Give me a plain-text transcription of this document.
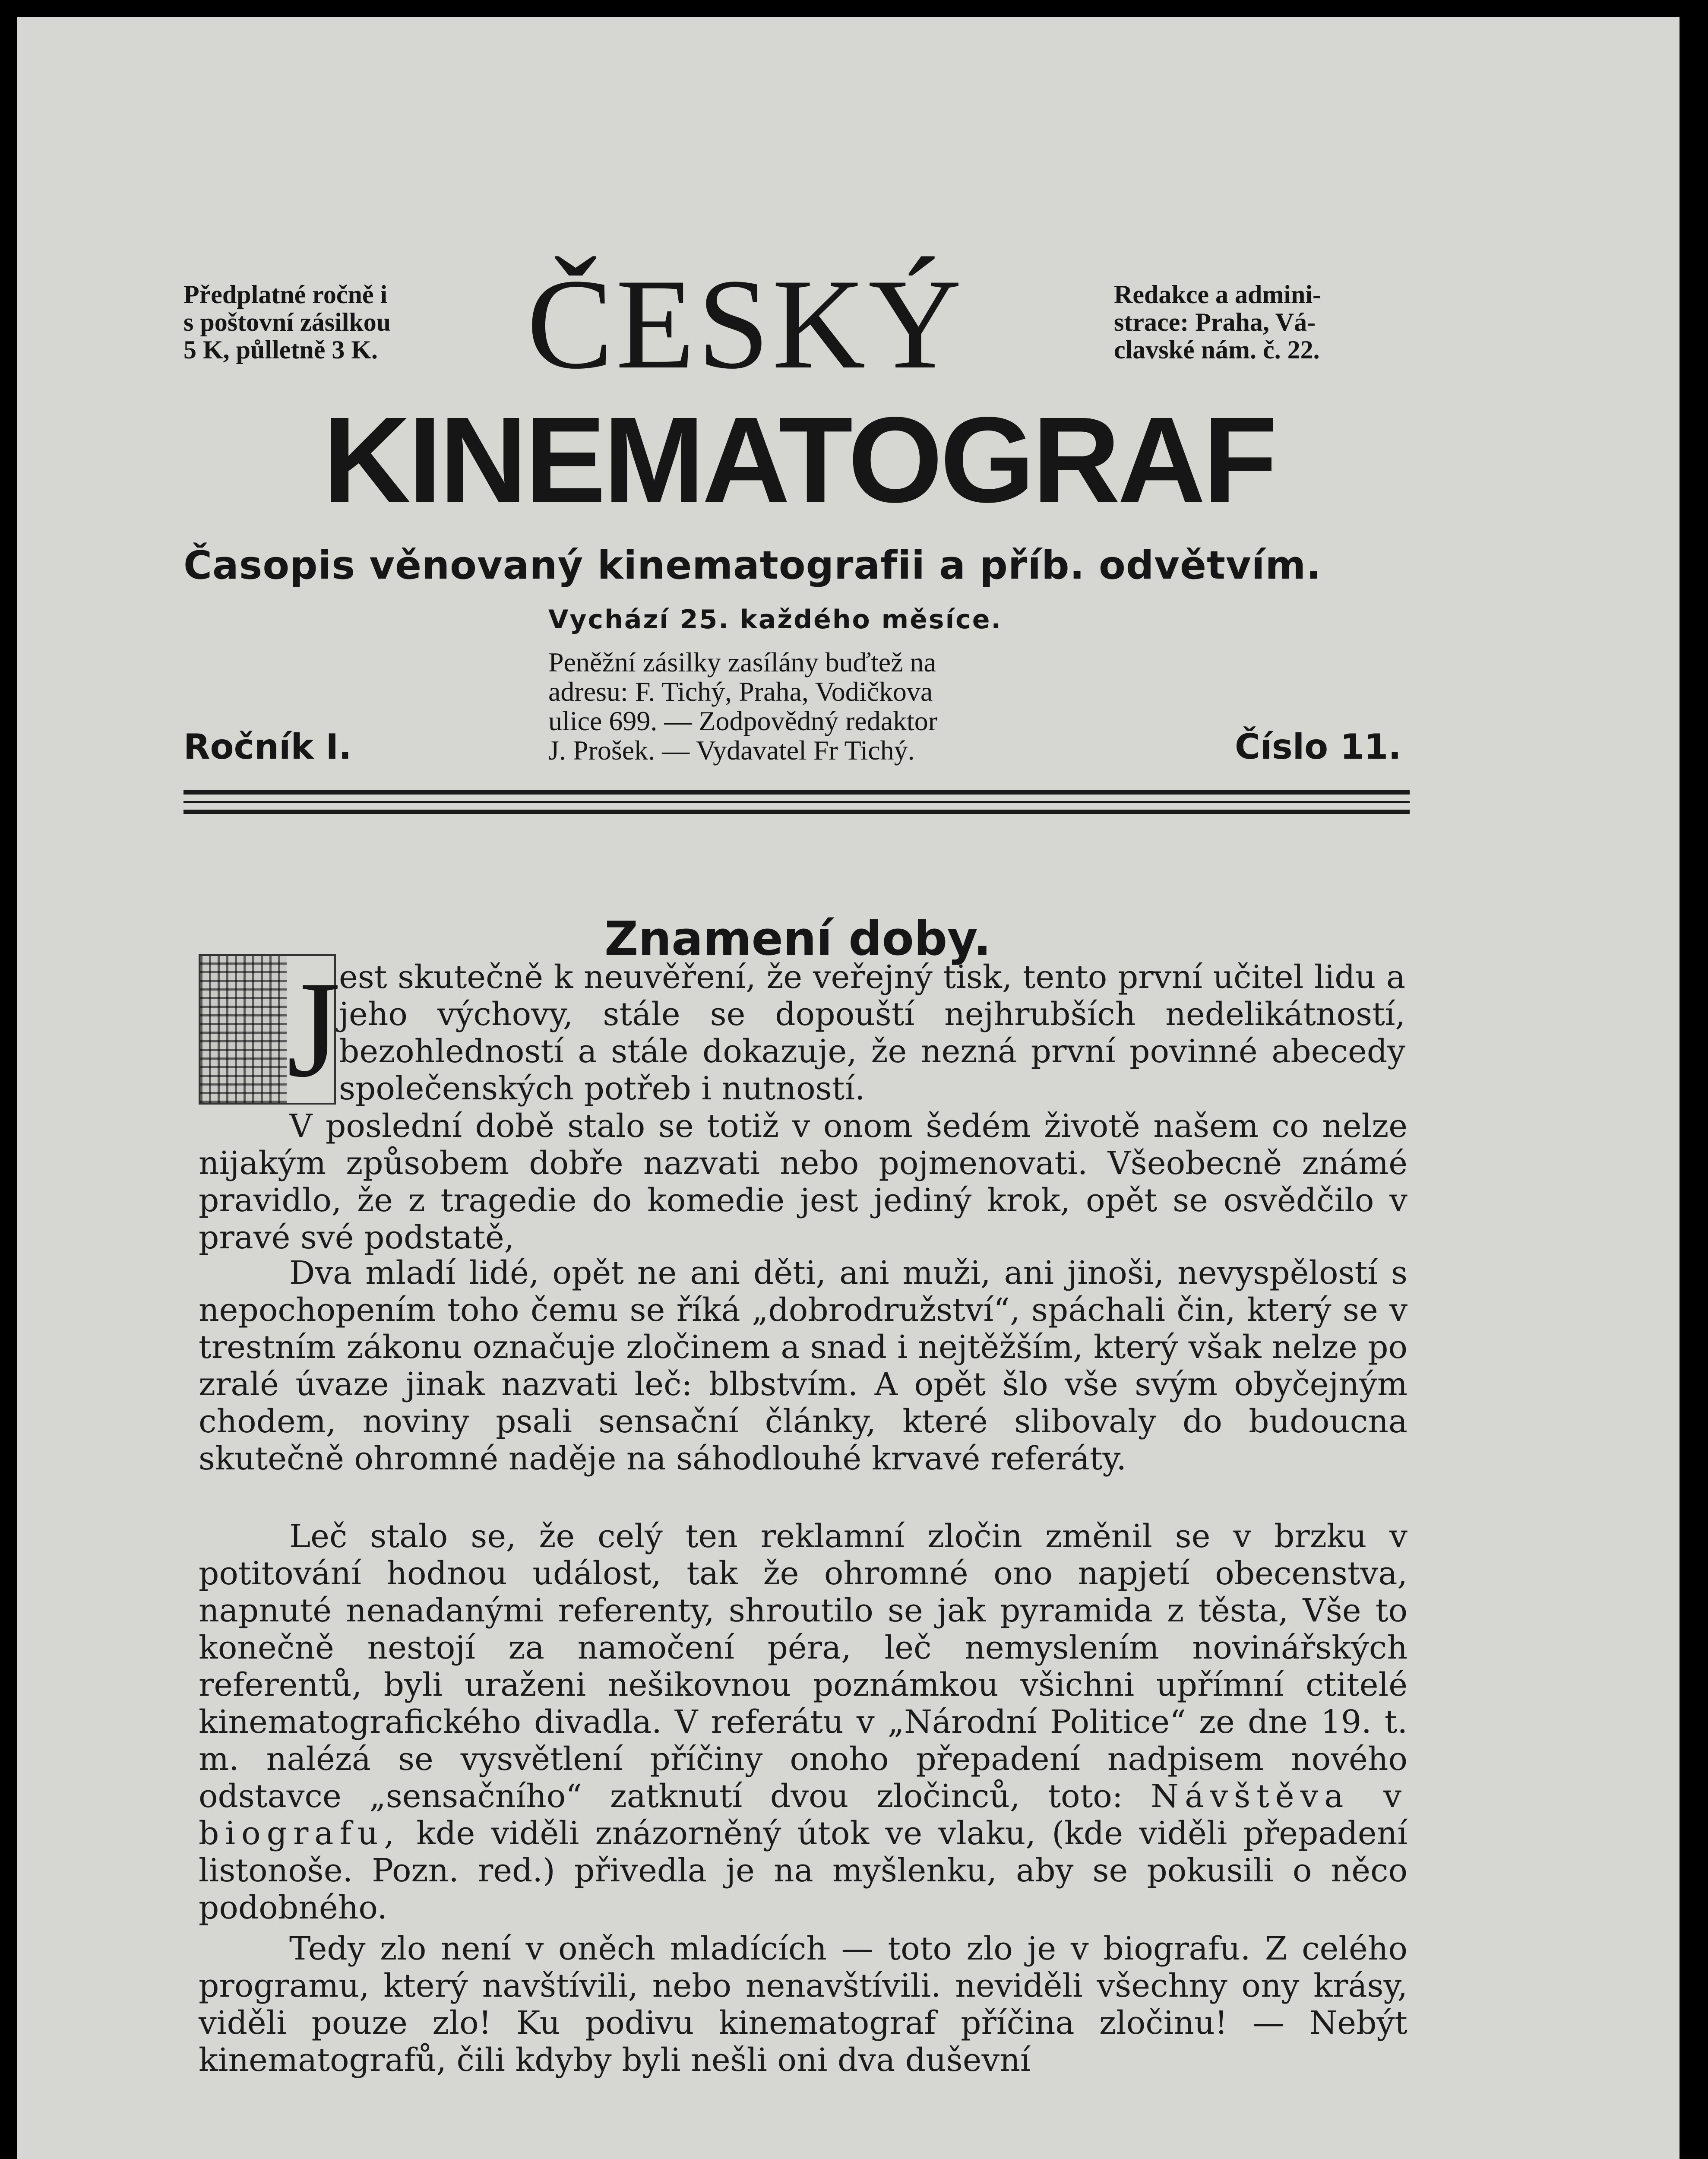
Předplatné ročně i
s poštovní zásilkou
5 K, půlletně 3 K.	ČESKÝ	Redakce a admini-
strace: Praha, Vá-
clavské nám. č. 22.
KINEMATOGRAF
Časopis věnovaný kinematografii a příb. odvětvím.
Vychází 25. každého měsíce.
Peněžní zásilky zasílány buďtež na
adresu: F. Tichý, Praha, Vodičkova
ulice 699. — Zodpovědný redaktor
J. Prošek. — Vydavatel Fr Tichý.
Ročník I.	Číslo 11.
Znamení doby.
J

est skutečně k neuvěření, že veřejný tisk, tento první učitel lidu a jeho výchovy, stále se dopouští nejhrubších nedelikátností, bezohledností a stále dokazuje, že nezná první povinné abecedy společenských potřeb i nutností.

V poslední době stalo se totiž v onom šedém životě našem co nelze nijakým způsobem dobře nazvati nebo pojmenovati. Všeobecně známé pravidlo, že z tragedie do komedie jest jediný krok, opět se osvědčilo v pravé své podstatě,

Dva mladí lidé, opět ne ani děti, ani muži, ani jinoši, nevyspělostí s nepochopením toho čemu se říká „dobrodružství“, spáchali čin, který se v trestním zákonu označuje zločinem a snad i nejtěžším, který však nelze po zralé úvaze jinak nazvati leč: blbstvím. A opět šlo vše svým obyčejným chodem, noviny psali sensační články, které slibovaly do budoucna skutečně ohromné naděje na sáhodlouhé krvavé referáty.

Leč stalo se, že celý ten reklamní zločin změnil se v brzku v potitování hodnou událost, tak že ohromné ono napjetí obecenstva, napnuté nenadanými referenty, shroutilo se jak pyramida z těsta, Vše to konečně nestojí za namočení péra, leč nemyslením novinářských referentů, byli uraženi nešikovnou poznámkou všichni upřímní ctitelé kinematografického divadla. V referátu v „Národní Politice“ ze dne 19. t. m. nalézá se vysvětlení příčiny onoho přepadení nadpisem nového odstavce „sensačního“ zatknutí dvou zločinců, toto: Návštěva v biografu, kde viděli znázorněný útok ve vlaku, (kde viděli přepadení listonoše. Pozn. red.) přivedla je na myšlenku, aby se pokusili o něco podobného.

Tedy zlo není v oněch mladících — toto zlo je v biografu. Z celého programu, který navštívili, nebo nenavštívili. neviděli všechny ony krásy, viděli pouze zlo! Ku podivu kinematograf příčina zločinu! — Nebýt kinematografů, čili kdyby byli nešli oni dva duševní
